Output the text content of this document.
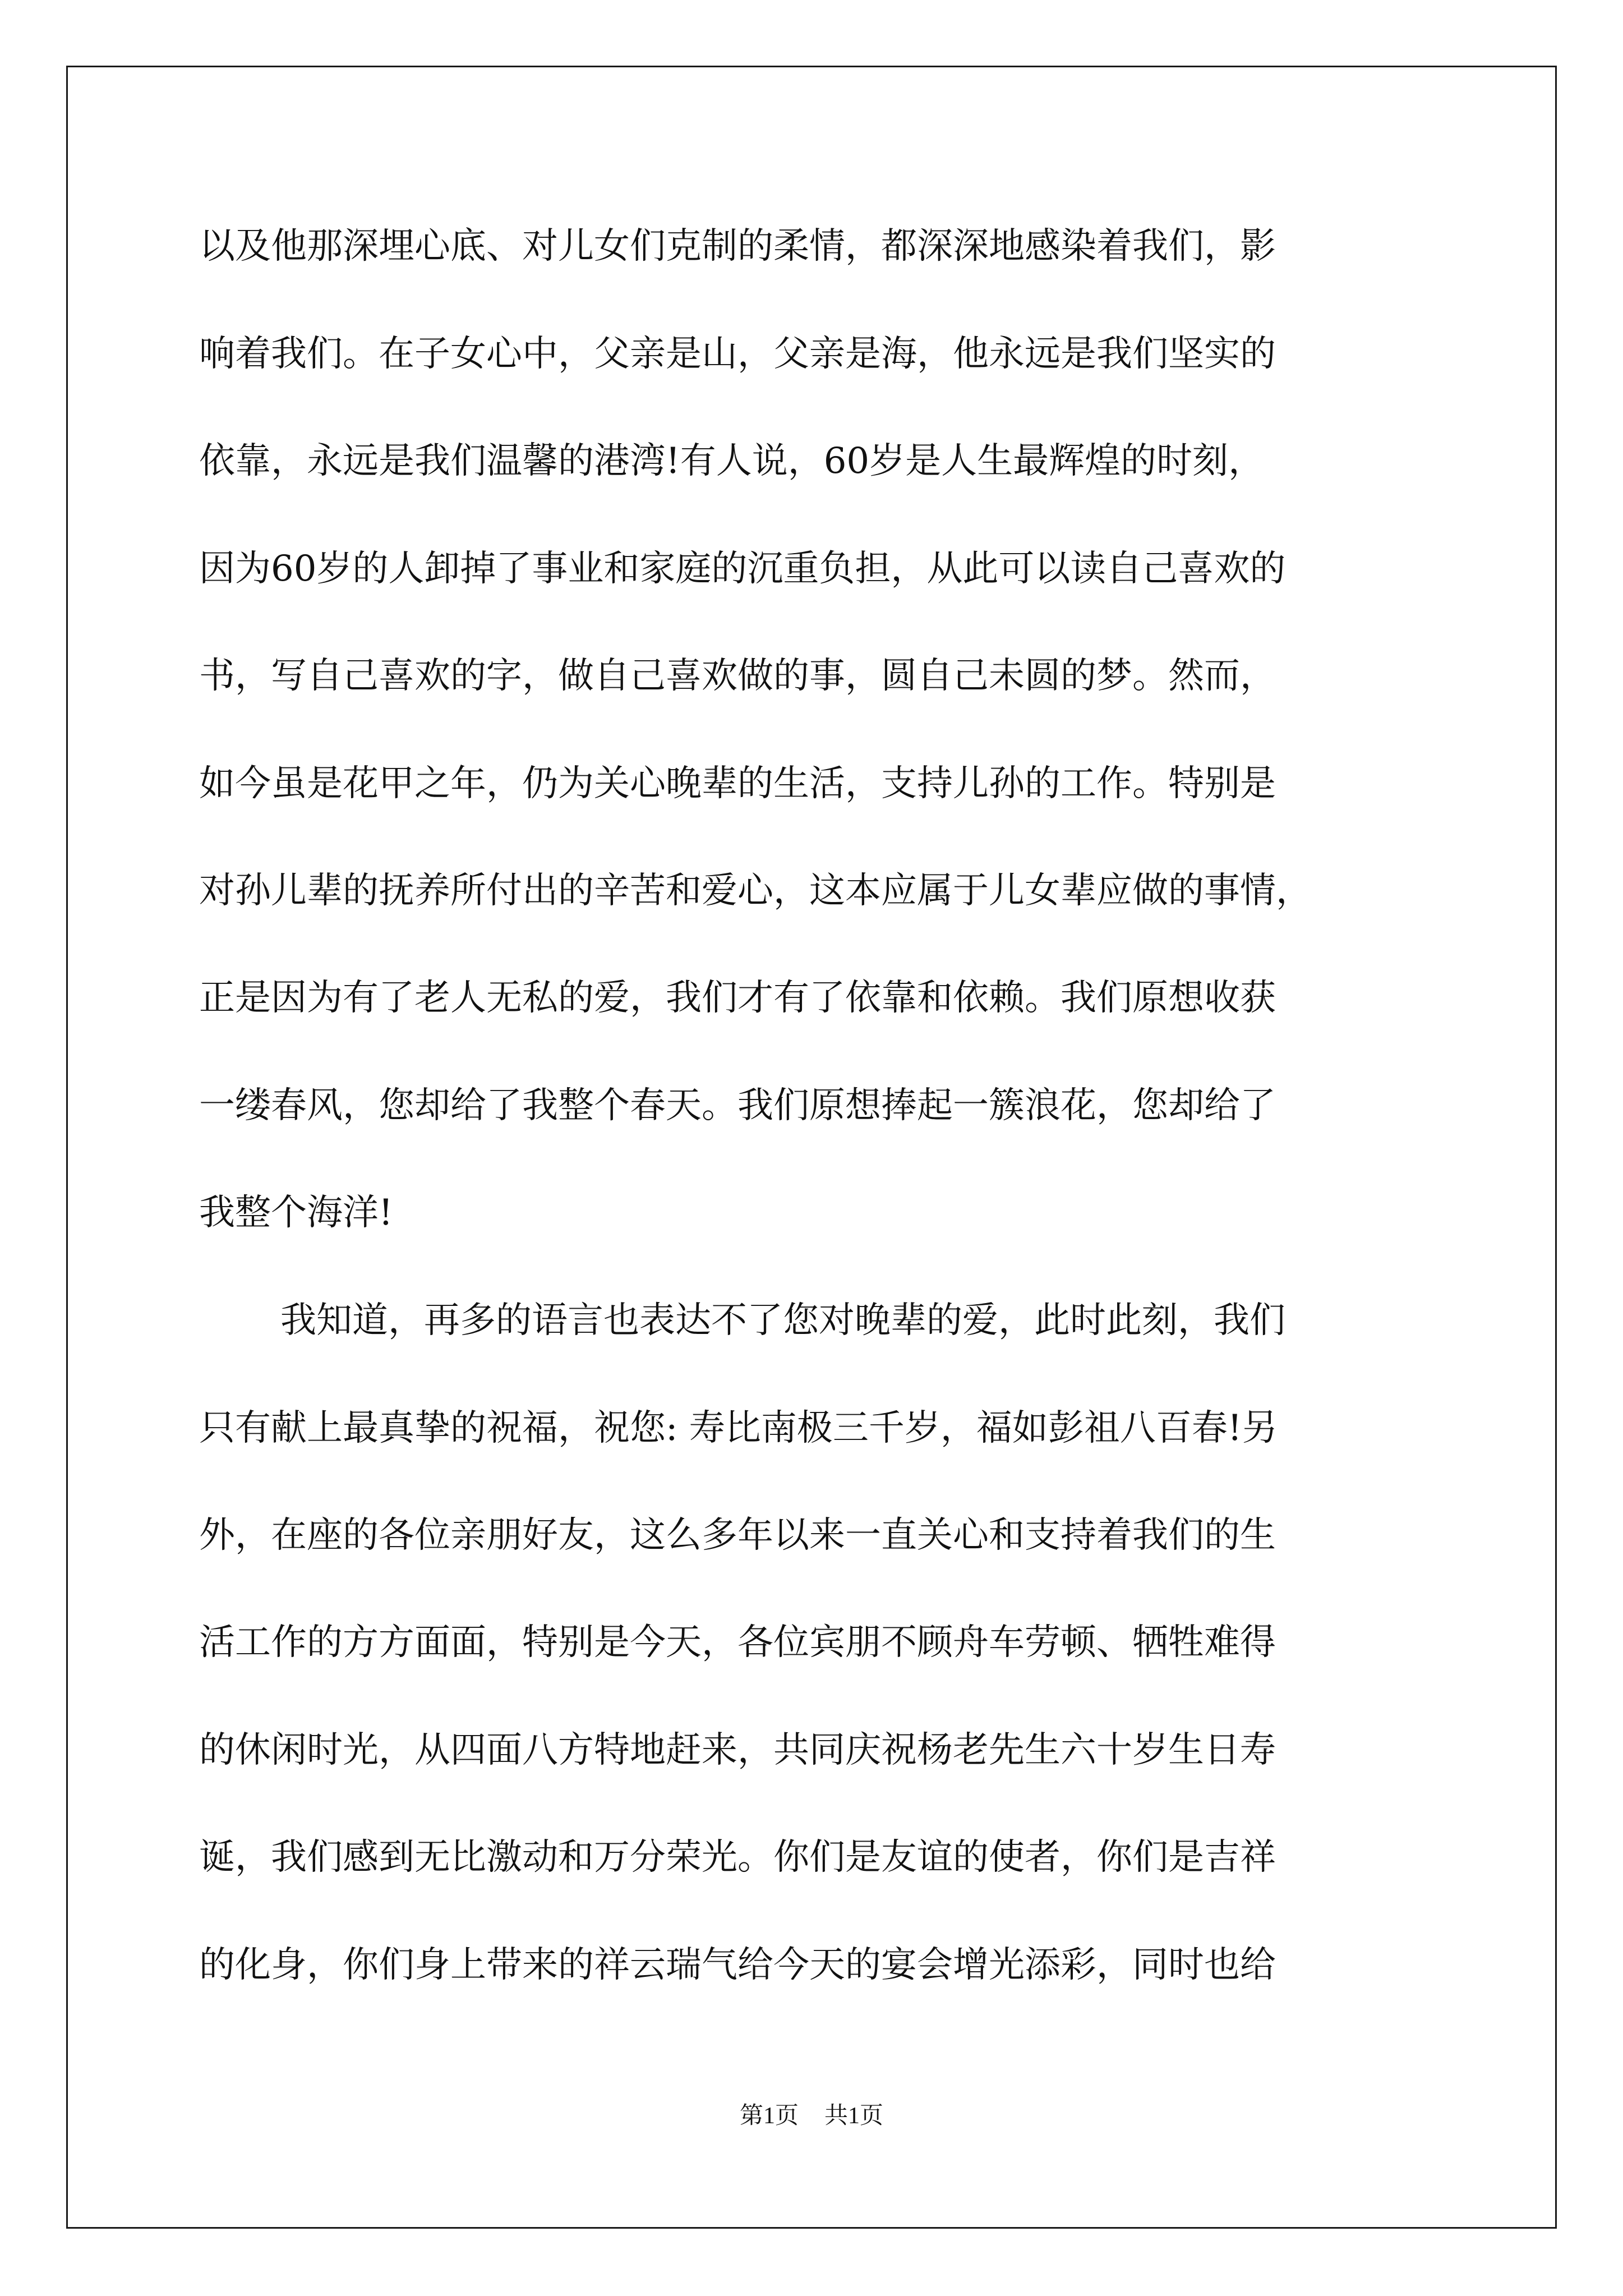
以及他那深埋心底、对儿女们克制的柔情，都深深地感染着我们，影

响着我们。在子女心中，父亲是山，父亲是海，他永远是我们坚实的

依靠，永远是我们温馨的港湾!有人说，60岁是人生最辉煌的时刻，

因为60岁的人卸掉了事业和家庭的沉重负担，从此可以读自己喜欢的

书，写自己喜欢的字，做自己喜欢做的事，圆自己未圆的梦。然而，

如今虽是花甲之年，仍为关心晚辈的生活，支持儿孙的工作。特别是

对孙儿辈的抚养所付出的辛苦和爱心，这本应属于儿女辈应做的事情，

正是因为有了老人无私的爱，我们才有了依靠和依赖。我们原想收获

一缕春风，您却给了我整个春天。我们原想捧起一簇浪花，您却给了

我整个海洋!

我知道，再多的语言也表达不了您对晚辈的爱，此时此刻，我们

只有献上最真挚的祝福，祝您: 寿比南极三千岁，福如彭祖八百春!另

外，在座的各位亲朋好友，这么多年以来一直关心和支持着我们的生

活工作的方方面面，特别是今天，各位宾朋不顾舟车劳顿、牺牲难得

的休闲时光，从四面八方特地赶来，共同庆祝杨老先生六十岁生日寿

诞，我们感到无比激动和万分荣光。你们是友谊的使者，你们是吉祥

的化身，你们身上带来的祥云瑞气给今天的宴会增光添彩，同时也给

第1页 共1页
